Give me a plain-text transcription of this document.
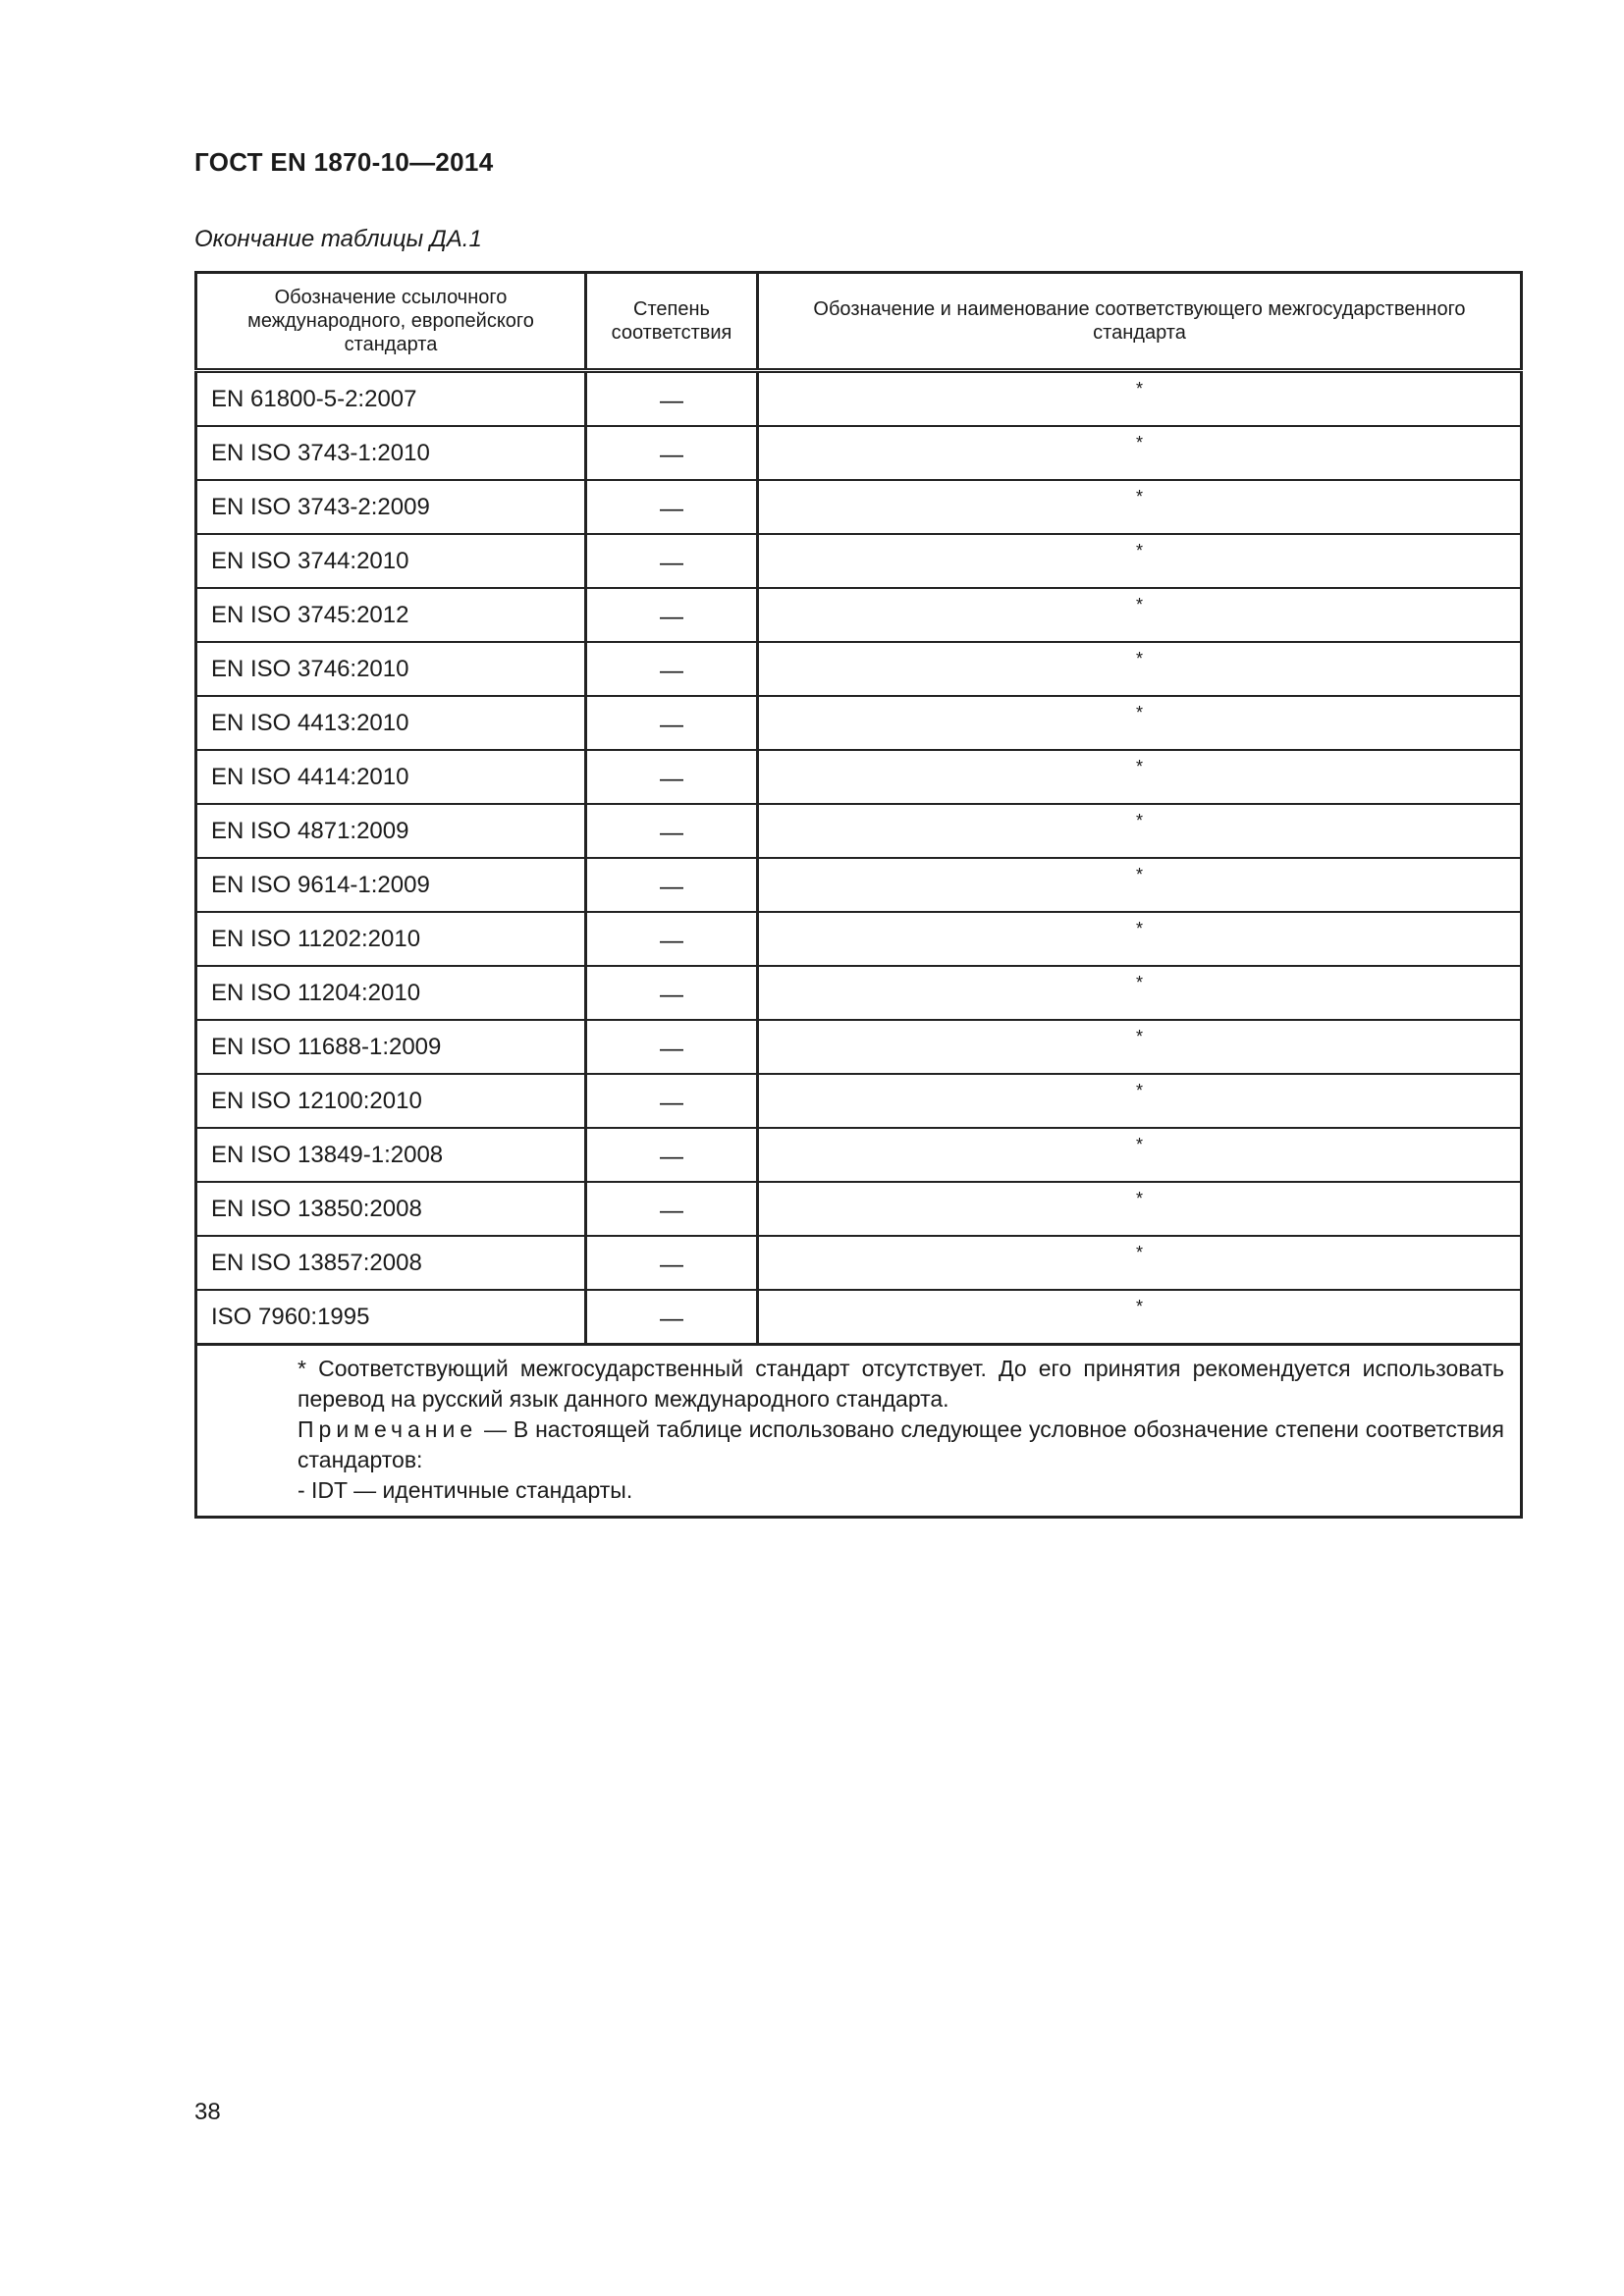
ГОСТ EN 1870-10—2014
Окончание таблицы ДА.1
Обозначение ссылочного международного, европейского стандарта	Степень соответствия	Обозначение и наименование соответствующего межгосударственного стандарта
EN 61800-5-2:2007	—	*
EN ISO 3743-1:2010	—	*
EN ISO 3743-2:2009	—	*
EN ISO 3744:2010	—	*
EN ISO 3745:2012	—	*
EN ISO 3746:2010	—	*
EN ISO 4413:2010	—	*
EN ISO 4414:2010	—	*
EN ISO 4871:2009	—	*
EN ISO 9614-1:2009	—	*
EN ISO 11202:2010	—	*
EN ISO 11204:2010	—	*
EN ISO 11688-1:2009	—	*
EN ISO 12100:2010	—	*
EN ISO 13849-1:2008	—	*
EN ISO 13850:2008	—	*
EN ISO 13857:2008	—	*
ISO 7960:1995	—	*

* Соответствующий межгосударственный стандарт отсутствует. До его принятия рекомендуется использовать перевод на русский язык данного международного стандарта.
Примечание — В настоящей таблице использовано следующее условное обозначение степени соответствия стандартов:
- IDT — идентичные стандарты.		
38
